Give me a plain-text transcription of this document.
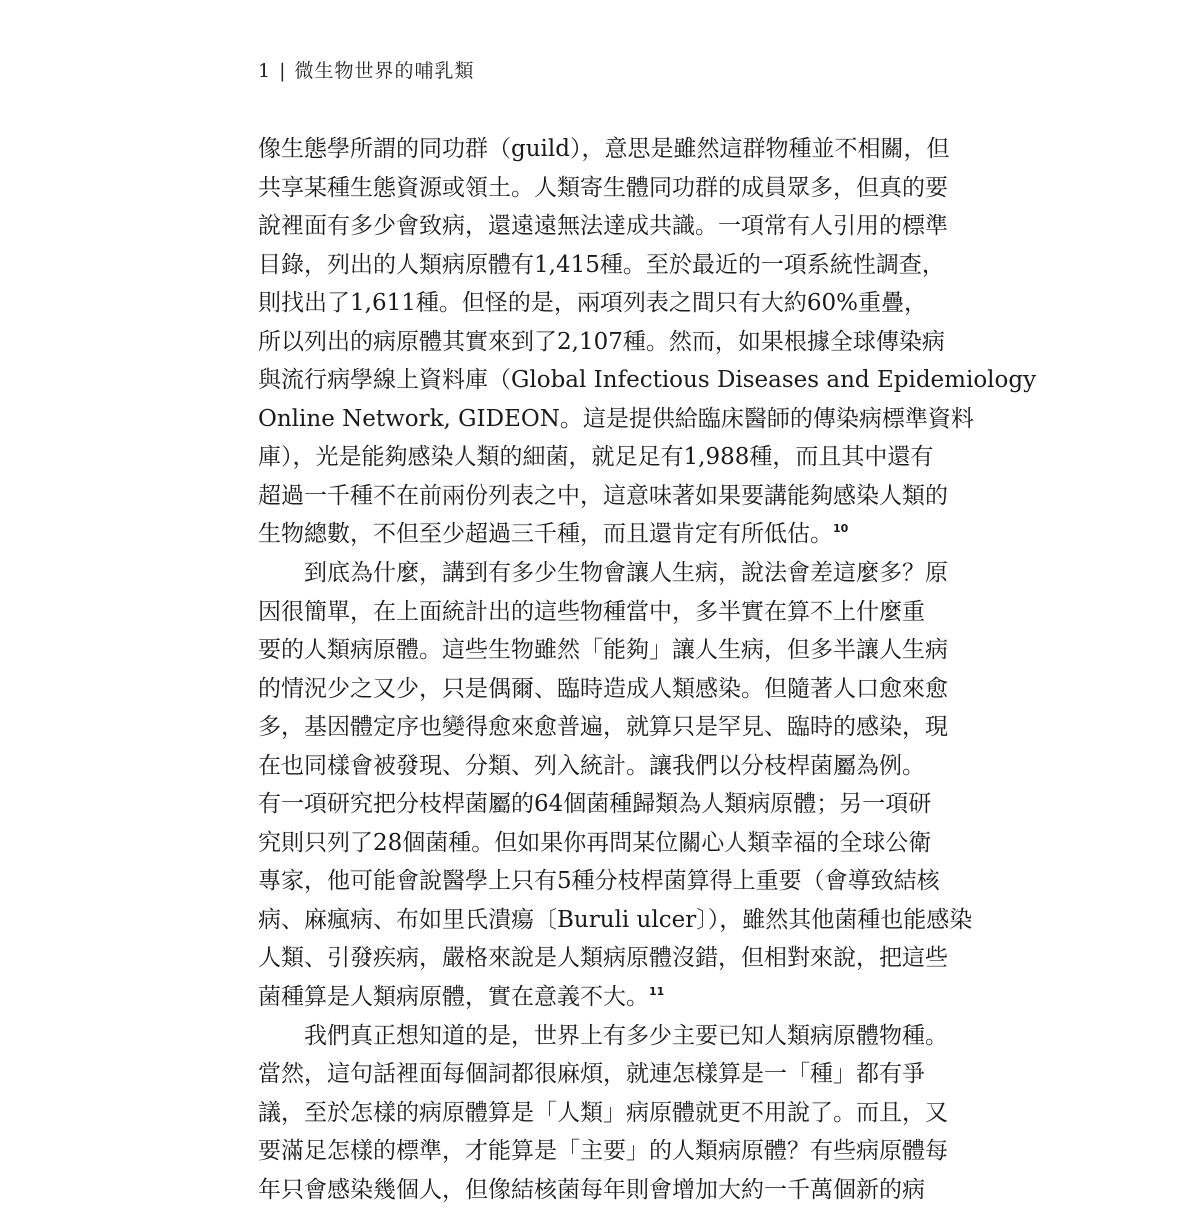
1 | 微生物世界的哺乳類
像生態學所謂的同功群（guild），意思是雖然這群物種並不相關，但
共享某種生態資源或領土。人類寄生體同功群的成員眾多，但真的要
說裡面有多少會致病，還遠遠無法達成共識。一項常有人引用的標準
目錄，列出的人類病原體有1,415種。至於最近的一項系統性調查，
則找出了1,611種。但怪的是，兩項列表之間只有大約60%重疊，
所以列出的病原體其實來到了2,107種。然而，如果根據全球傳染病
與流行病學線上資料庫（Global Infectious Diseases and Epidemiology
Online Network, GIDEON。這是提供給臨床醫師的傳染病標準資料
庫），光是能夠感染人類的細菌，就足足有1,988種，而且其中還有
超過一千種不在前兩份列表之中，這意味著如果要講能夠感染人類的
生物總數，不但至少超過三千種，而且還肯定有所低估。$^{10}$
到底為什麼，講到有多少生物會讓人生病，說法會差這麼多？原
因很簡單，在上面統計出的這些物種當中，多半實在算不上什麼重
要的人類病原體。這些生物雖然「能夠」讓人生病，但多半讓人生病
的情況少之又少，只是偶爾、臨時造成人類感染。但隨著人口愈來愈
多，基因體定序也變得愈來愈普遍，就算只是罕見、臨時的感染，現
在也同樣會被發現、分類、列入統計。讓我們以分枝桿菌屬為例。
有一項研究把分枝桿菌屬的64個菌種歸類為人類病原體；另一項研
究則只列了28個菌種。但如果你再問某位關心人類幸福的全球公衛
專家，他可能會說醫學上只有5種分枝桿菌算得上重要（會導致結核
病、麻瘋病、布如里氏潰瘍〔Buruli ulcer〕），雖然其他菌種也能感染
人類、引發疾病，嚴格來說是人類病原體沒錯，但相對來說，把這些
菌種算是人類病原體，實在意義不大。$^{11}$
我們真正想知道的是，世界上有多少主要已知人類病原體物種。
當然，這句話裡面每個詞都很麻煩，就連怎樣算是一「種」都有爭
議，至於怎樣的病原體算是「人類」病原體就更不用說了。而且，又
要滿足怎樣的標準，才能算是「主要」的人類病原體？有些病原體每
年只會感染幾個人，但像結核菌每年則會增加大約一千萬個新的病
